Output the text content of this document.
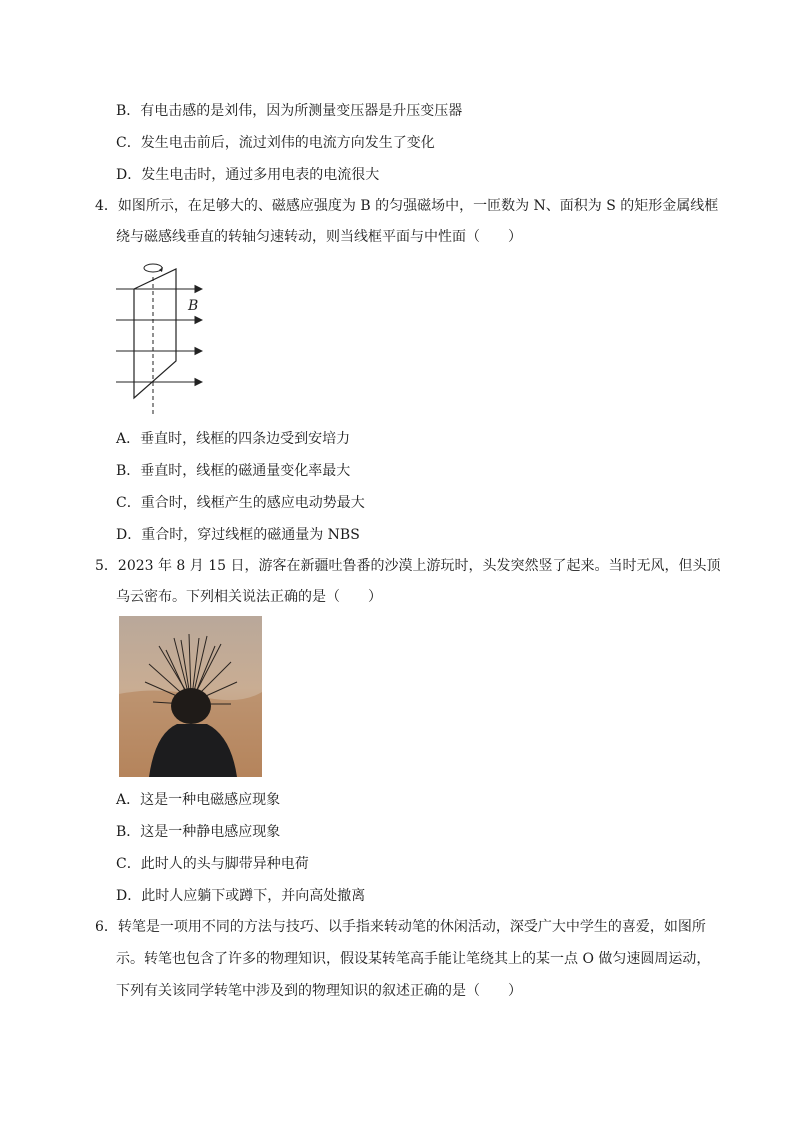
B．有电击感的是刘伟，因为所测量变压器是升压变压器
C．发生电击前后，流过刘伟的电流方向发生了变化
D．发生电击时，通过多用电表的电流很大
4．如图所示，在足够大的、磁感应强度为 B 的匀强磁场中，一匝数为 N、面积为 S 的矩形金属线框
绕与磁感线垂直的转轴匀速转动，则当线框平面与中性面（　　）
B
A．垂直时，线框的四条边受到安培力
B．垂直时，线框的磁通量变化率最大
C．重合时，线框产生的感应电动势最大
D．重合时，穿过线框的磁通量为 NBS
5．2023 年 8 月 15 日，游客在新疆吐鲁番的沙漠上游玩时，头发突然竖了起来。当时无风，但头顶
乌云密布。下列相关说法正确的是（　　）
A．这是一种电磁感应现象
B．这是一种静电感应现象
C．此时人的头与脚带异种电荷
D．此时人应躺下或蹲下，并向高处撤离
6．转笔是一项用不同的方法与技巧、以手指来转动笔的休闲活动，深受广大中学生的喜爱，如图所
示。转笔也包含了许多的物理知识，假设某转笔高手能让笔绕其上的某一点 O 做匀速圆周运动，
下列有关该同学转笔中涉及到的物理知识的叙述正确的是（　　）
